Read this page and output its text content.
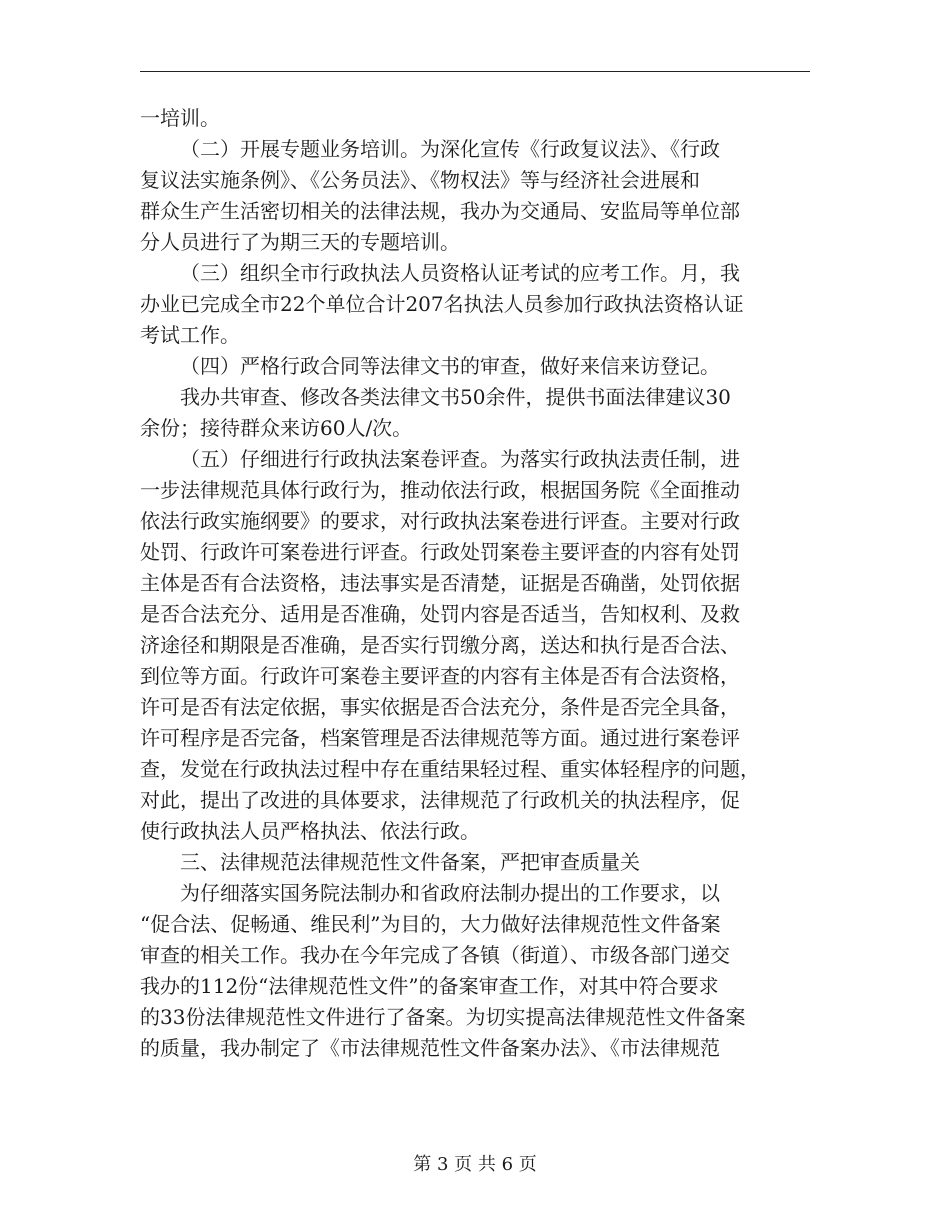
一培训。

（二）开展专题业务培训。为深化宣传《行政复议法》、《行政
复议法实施条例》、《公务员法》、《物权法》等与经济社会进展和
群众生产生活密切相关的法律法规，我办为交通局、安监局等单位部
分人员进行了为期三天的专题培训。

（三）组织全市行政执法人员资格认证考试的应考工作。月，我
办业已完成全市22个单位合计207名执法人员参加行政执法资格认证
考试工作。

（四）严格行政合同等法律文书的审查，做好来信来访登记。

我办共审查、修改各类法律文书50余件，提供书面法律建议30
余份；接待群众来访60人/次。

（五）仔细进行行政执法案卷评查。为落实行政执法责任制，进
一步法律规范具体行政行为，推动依法行政，根据国务院《全面推动
依法行政实施纲要》的要求，对行政执法案卷进行评查。主要对行政
处罚、行政许可案卷进行评查。行政处罚案卷主要评查的内容有处罚
主体是否有合法资格，违法事实是否清楚，证据是否确凿，处罚依据
是否合法充分、适用是否准确，处罚内容是否适当，告知权利、及救
济途径和期限是否准确，是否实行罚缴分离，送达和执行是否合法、
到位等方面。行政许可案卷主要评查的内容有主体是否有合法资格，
许可是否有法定依据，事实依据是否合法充分，条件是否完全具备，
许可程序是否完备，档案管理是否法律规范等方面。通过进行案卷评
查，发觉在行政执法过程中存在重结果轻过程、重实体轻程序的问题，
对此，提出了改进的具体要求，法律规范了行政机关的执法程序，促
使行政执法人员严格执法、依法行政。

三、法律规范法律规范性文件备案，严把审查质量关

为仔细落实国务院法制办和省政府法制办提出的工作要求，以
“促合法、促畅通、维民利”为目的，大力做好法律规范性文件备案
审查的相关工作。我办在今年完成了各镇（街道）、市级各部门递交
我办的112份“法律规范性文件”的备案审查工作，对其中符合要求
的33份法律规范性文件进行了备案。为切实提高法律规范性文件备案
的质量，我办制定了《市法律规范性文件备案办法》、《市法律规范

第 3 页 共 6 页
